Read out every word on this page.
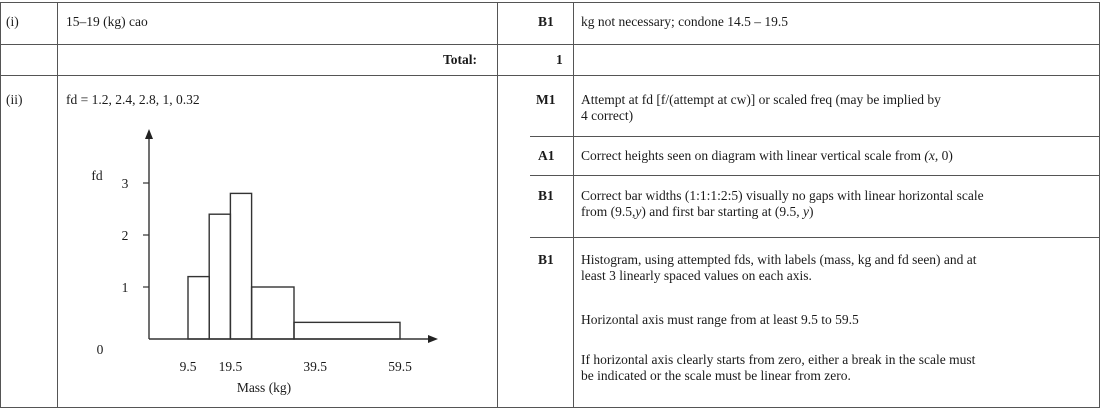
(i)	15–19 (kg) cao	B1 kg not necessary; condone 14.5 – 19.5
Total:	1
(ii)	fd = 1.2, 2.4, 2.8, 1, 0.32	M1 Attempt at fd [f/(attempt at cw)] or scaled freq (may be implied by
4 correct)
A1 Correct heights seen on diagram with linear vertical scale from (x, 0)
B1 Correct bar widths (1:1:1:2:5) visually no gaps with linear horizontal scale
from (9.5,y) and first bar starting at (9.5, y)
B1 Histogram, using attempted fds, with labels (mass, kg and fd seen) and at
least 3 linearly spaced values on each axis.
Horizontal axis must range from at least 9.5 to 59.5
If horizontal axis clearly starts from zero, either a break in the scale must
be indicated or the scale must be linear from zero.
1
2
3
fd
0
9.5 19.5	39.5	59.5
Mass (kg)
